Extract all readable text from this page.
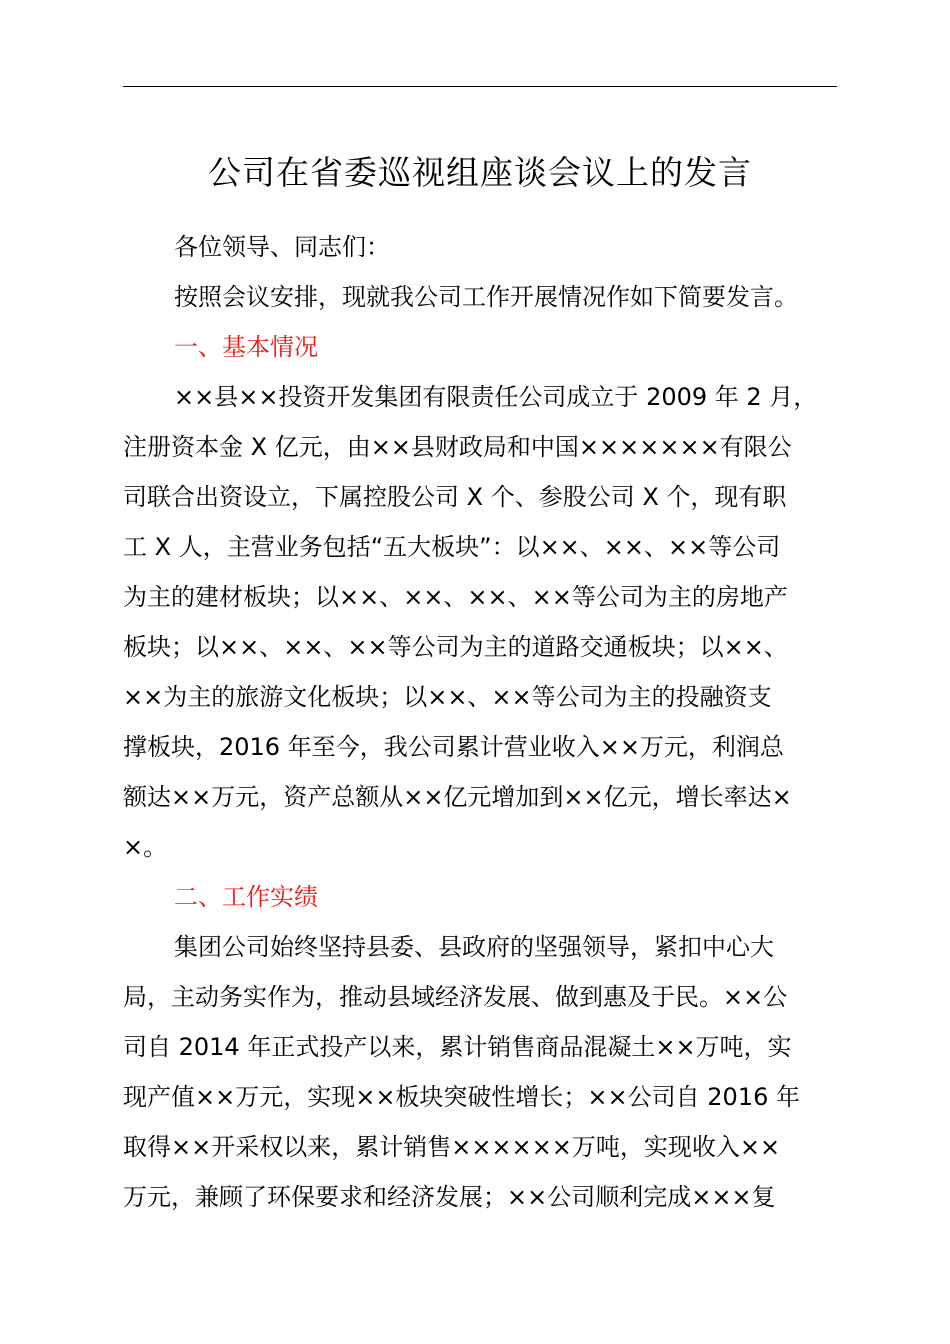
公司在省委巡视组座谈会议上的发言
各位领导、同志们：
按照会议安排，现就我公司工作开展情况作如下简要发言。
一、基本情况
××县××投资开发集团有限责任公司成立于 2009 年 2 月，
注册资本金 X 亿元，由××县财政局和中国×××××××有限公
司联合出资设立，下属控股公司 X 个、参股公司 X 个，现有职
工 X 人，主营业务包括“五大板块”：以××、××、××等公司
为主的建材板块；以××、××、××、××等公司为主的房地产
板块；以××、××、××等公司为主的道路交通板块；以××、
××为主的旅游文化板块；以××、××等公司为主的投融资支
撑板块，2016 年至今，我公司累计营业收入××万元，利润总
额达××万元，资产总额从××亿元增加到××亿元，增长率达×
×。
二、工作实绩
集团公司始终坚持县委、县政府的坚强领导，紧扣中心大
局，主动务实作为，推动县域经济发展、做到惠及于民。××公
司自 2014 年正式投产以来，累计销售商品混凝土××万吨，实
现产值××万元，实现××板块突破性增长；××公司自 2016 年
取得××开采权以来，累计销售××××××万吨，实现收入××
万元，兼顾了环保要求和经济发展；××公司顺利完成×××复
